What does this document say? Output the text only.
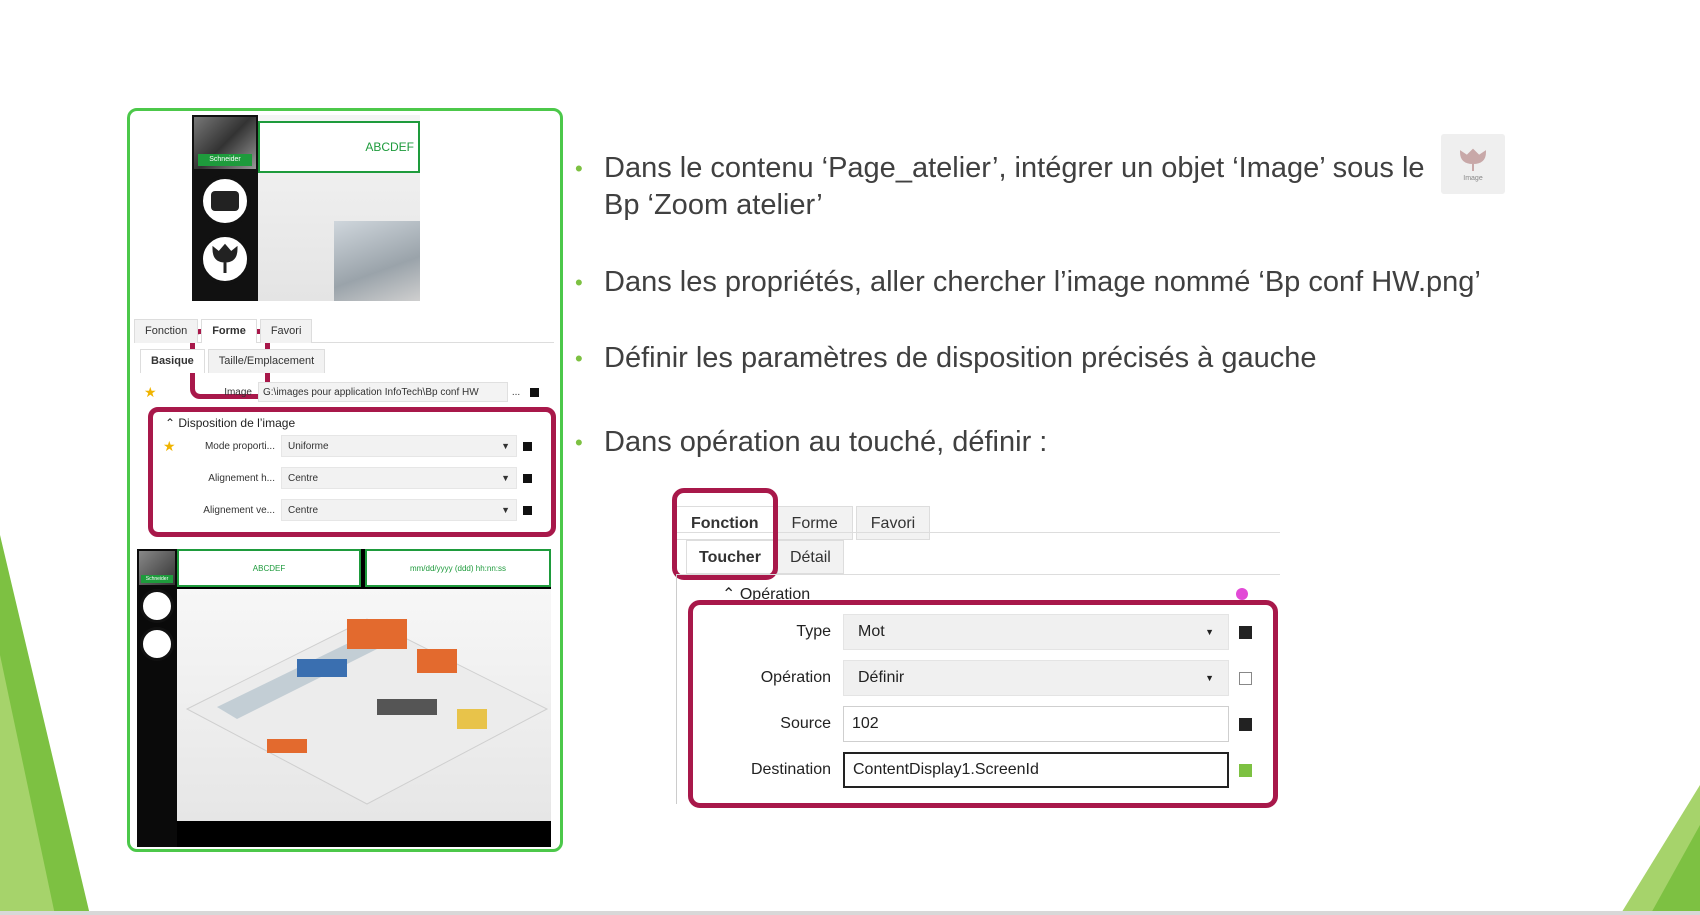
Schneider
ABCDEF
Fonction	Forme	Favori
Basique	Taille/Emplacement
★	Image	G:\images pour application InfoTech\Bp conf HW	...
⌃ Disposition de l’image
★	Mode proporti...	Uniforme	▼
Alignement h...	Centre	▼
Alignement ve...	Centre	▼
Schneider
ABCDEF	mm/dd/yyyy (ddd) hh:nn:ss
• Dans le contenu ‘Page_atelier’, intégrer un objet ‘Image’ sous le Bp ‘Zoom atelier’
• Dans les propriétés, aller chercher l’image nommé ‘Bp conf HW.png’
• Définir les paramètres de disposition précisés à gauche
• Dans opération au touché, définir :
Image
Fonction	Forme	Favori
Toucher	Détail
⌃ Opération
Type	Mot	▼
Opération	Définir	▼
Source	102
Destination	ContentDisplay1.ScreenId
